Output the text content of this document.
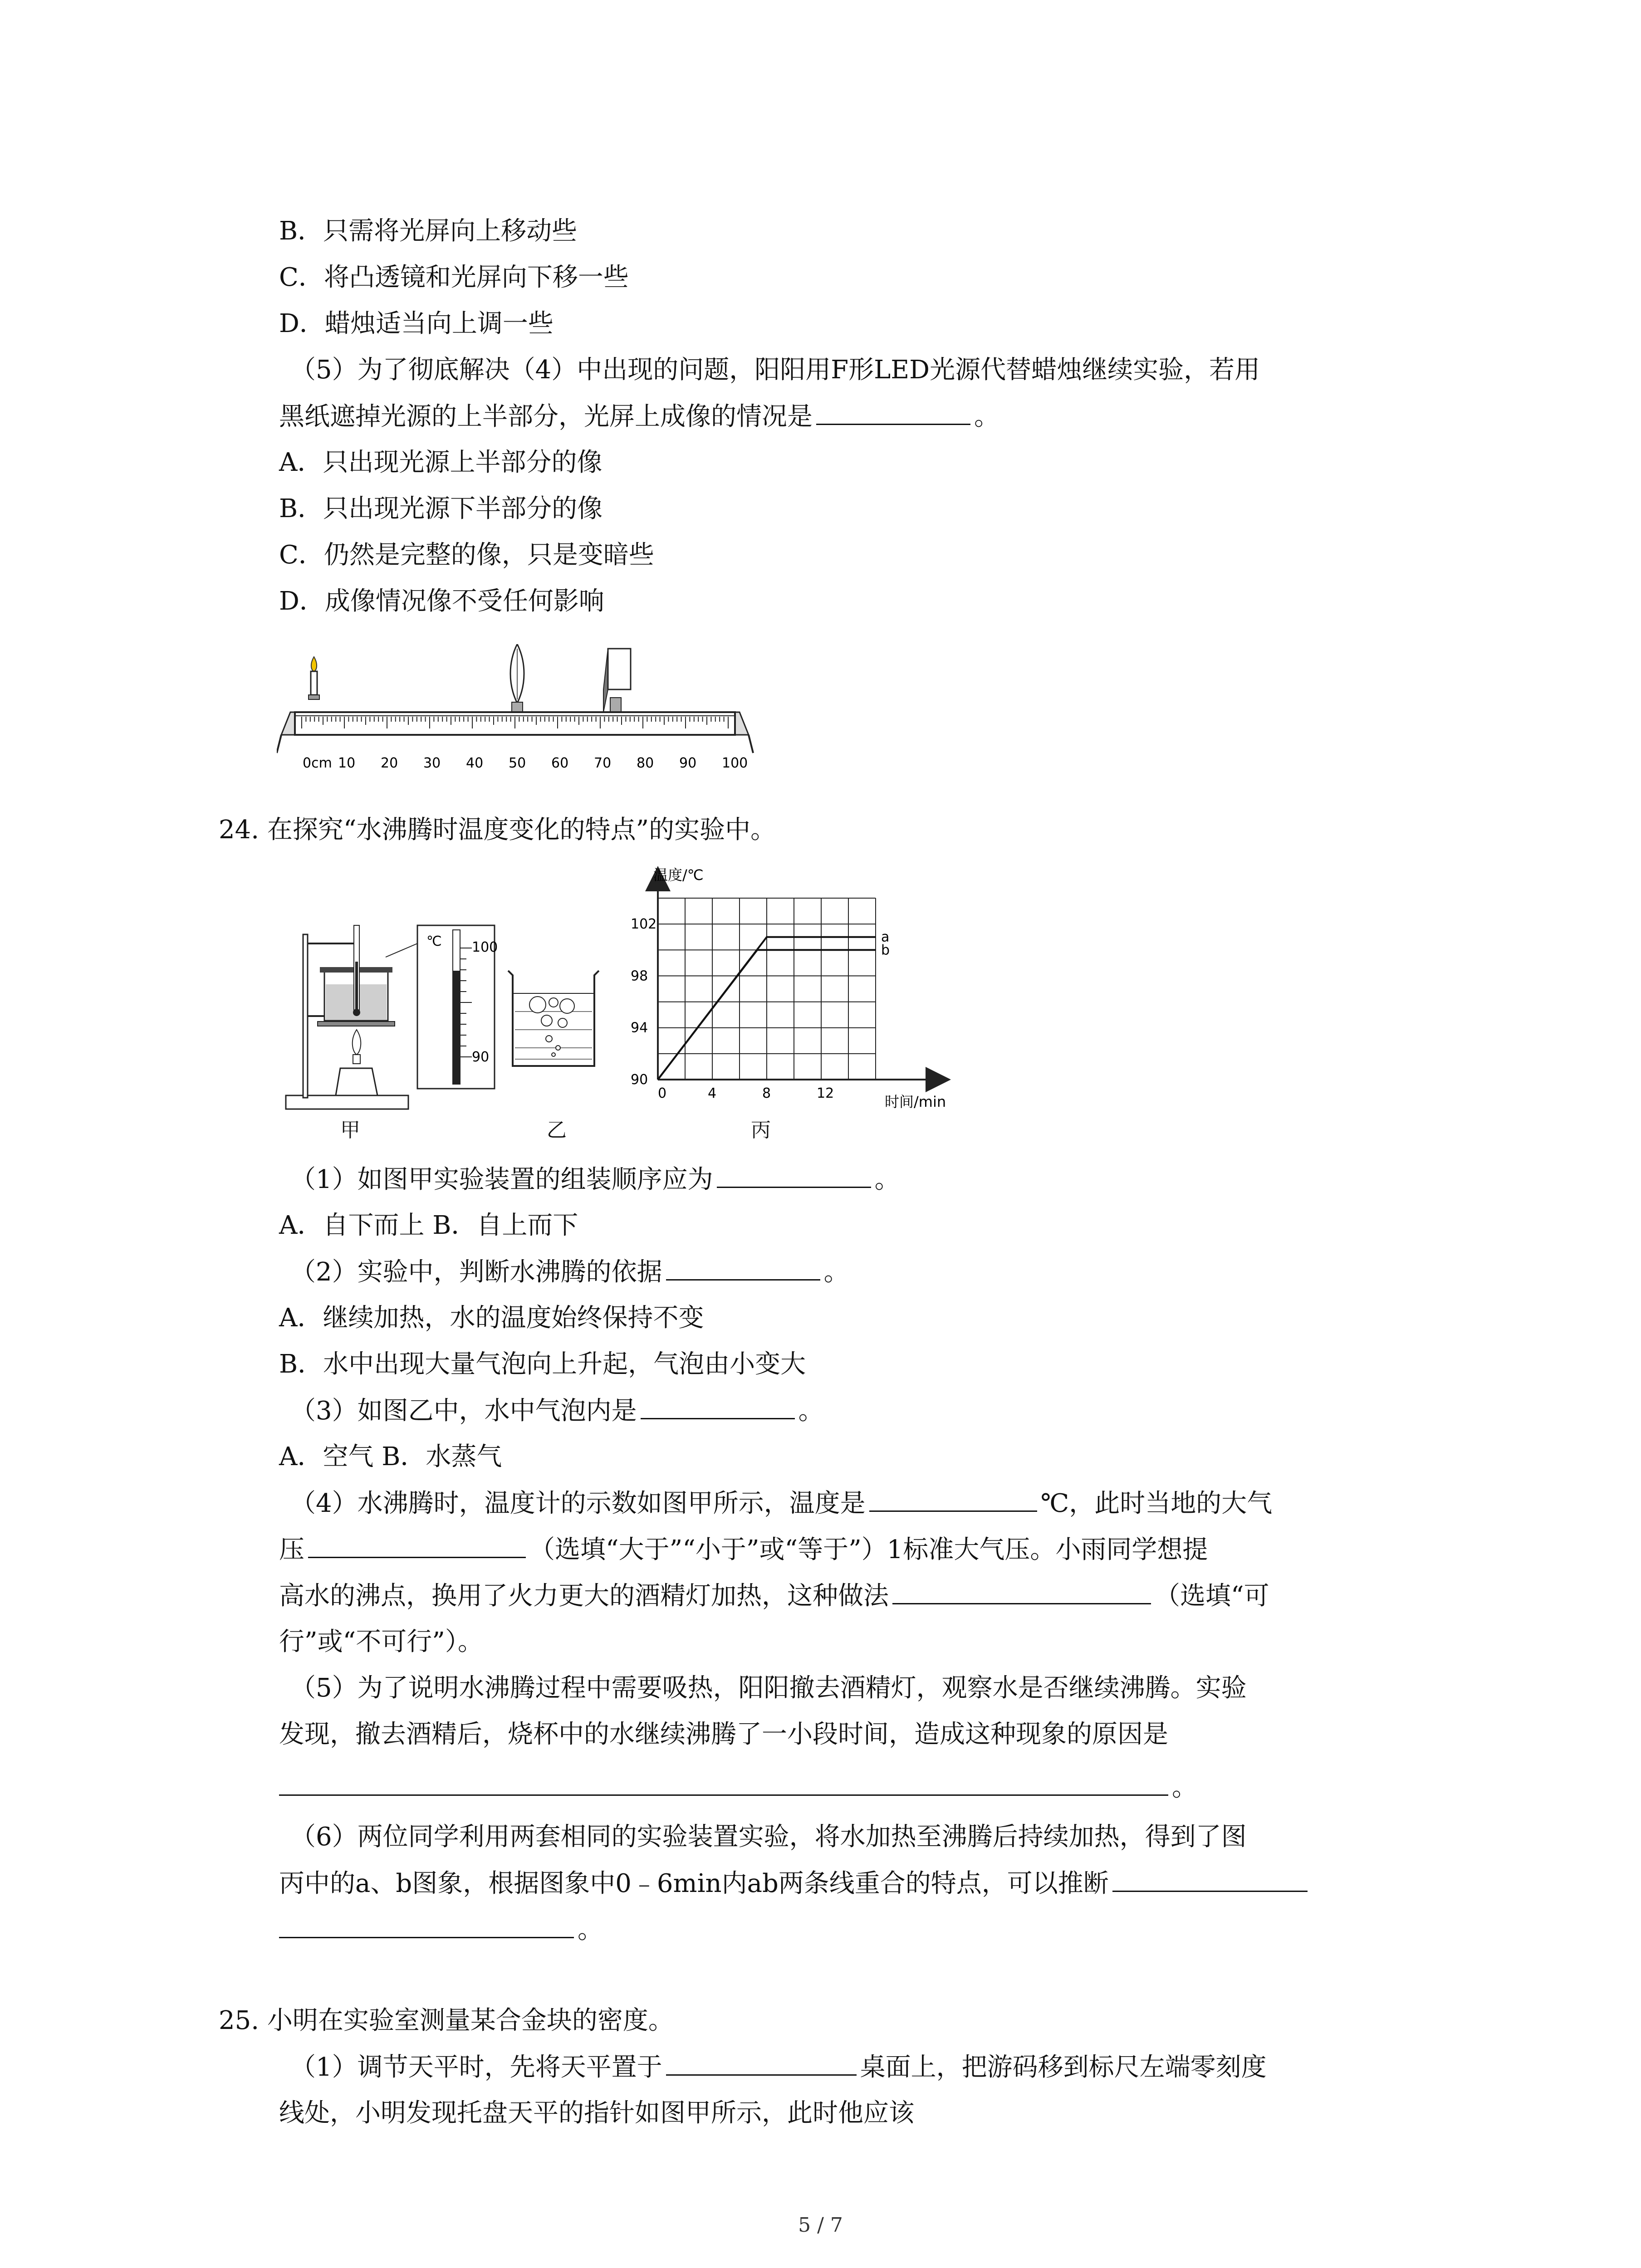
B．只需将光屏向上移动些
C．将凸透镜和光屏向下移一些
D．蜡烛适当向上调一些
（5）为了彻底解决（4）中出现的问题，阳阳用F形LED光源代替蜡烛继续实验，若用
黑纸遮掉光源的上半部分，光屏上成像的情况是	。
A．只出现光源上半部分的像
B．只出现光源下半部分的像
C．仍然是完整的像，只是变暗些
D．成像情况像不受任何影响
0cm 10 20 30 40 50 60 70 80 90 100
24. 在探究“水沸腾时温度变化的特点”的实验中。
℃ 100
90
0	4	8	12
90
94
98
102
a
b
温度/℃
时间/min
甲	乙	丙
（1）如图甲实验装置的组装顺序应为	。
A．自下而上 B．自上而下
（2）实验中，判断水沸腾的依据	。
A．继续加热，水的温度始终保持不变
B．水中出现大量气泡向上升起，气泡由小变大
（3）如图乙中，水中气泡内是	。
A．空气 B．水蒸气
（4）水沸腾时，温度计的示数如图甲所示，温度是	℃，此时当地的大气
压	（选填“大于”“小于”或“等于”）1标准大气压。小雨同学想提
高水的沸点，换用了火力更大的酒精灯加热，这种做法	（选填“可
行”或“不可行”）。
（5）为了说明水沸腾过程中需要吸热，阳阳撤去酒精灯，观察水是否继续沸腾。实验
发现，撤去酒精后，烧杯中的水继续沸腾了一小段时间，造成这种现象的原因是
。
（6）两位同学利用两套相同的实验装置实验，将水加热至沸腾后持续加热，得到了图
丙中的a、b图象，根据图象中0﹣6min内ab两条线重合的特点，可以推断
。
25. 小明在实验室测量某合金块的密度。
（1）调节天平时，先将天平置于	桌面上，把游码移到标尺左端零刻度
线处，小明发现托盘天平的指针如图甲所示，此时他应该
5 / 7
